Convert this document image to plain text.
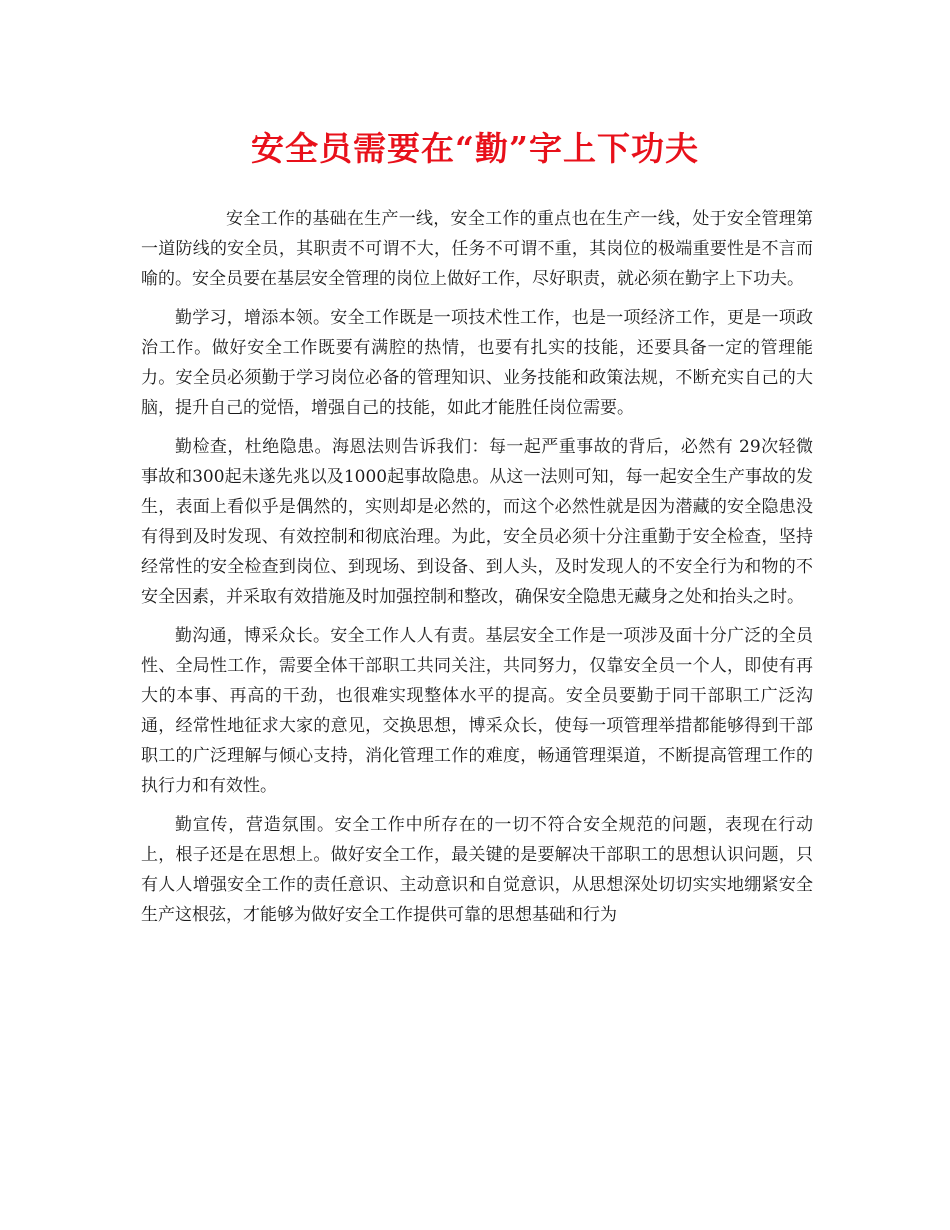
安全员需要在“勤”字上下功夫

安全工作的基础在生产一线，安全工作的重点也在生产一线，处于安全管理第一道防线的安全员，其职责不可谓不大，任务不可谓不重，其岗位的极端重要性是不言而喻的。安全员要在基层安全管理的岗位上做好工作，尽好职责，就必须在勤字上下功夫。

勤学习，增添本领。安全工作既是一项技术性工作，也是一项经济工作，更是一项政治工作。做好安全工作既要有满腔的热情，也要有扎实的技能，还要具备一定的管理能力。安全员必须勤于学习岗位必备的管理知识、业务技能和政策法规，不断充实自己的大脑，提升自己的觉悟，增强自己的技能，如此才能胜任岗位需要。

勤检查，杜绝隐患。海恩法则告诉我们：每一起严重事故的背后，必然有 29次轻微事故和300起未遂先兆以及1000起事故隐患。从这一法则可知，每一起安全生产事故的发生，表面上看似乎是偶然的，实则却是必然的，而这个必然性就是因为潜藏的安全隐患没有得到及时发现、有效控制和彻底治理。为此，安全员必须十分注重勤于安全检查，坚持经常性的安全检查到岗位、到现场、到设备、到人头，及时发现人的不安全行为和物的不安全因素，并采取有效措施及时加强控制和整改，确保安全隐患无藏身之处和抬头之时。

勤沟通，博采众长。安全工作人人有责。基层安全工作是一项涉及面十分广泛的全员性、全局性工作，需要全体干部职工共同关注，共同努力，仅靠安全员一个人，即使有再大的本事、再高的干劲，也很难实现整体水平的提高。安全员要勤于同干部职工广泛沟通，经常性地征求大家的意见，交换思想，博采众长，使每一项管理举措都能够得到干部职工的广泛理解与倾心支持，消化管理工作的难度，畅通管理渠道，不断提高管理工作的执行力和有效性。

勤宣传，营造氛围。安全工作中所存在的一切不符合安全规范的问题，表现在行动上，根子还是在思想上。做好安全工作，最关键的是要解决干部职工的思想认识问题，只有人人增强安全工作的责任意识、主动意识和自觉意识，从思想深处切切实实地绷紧安全生产这根弦，才能够为做好安全工作提供可靠的思想基础和行为
